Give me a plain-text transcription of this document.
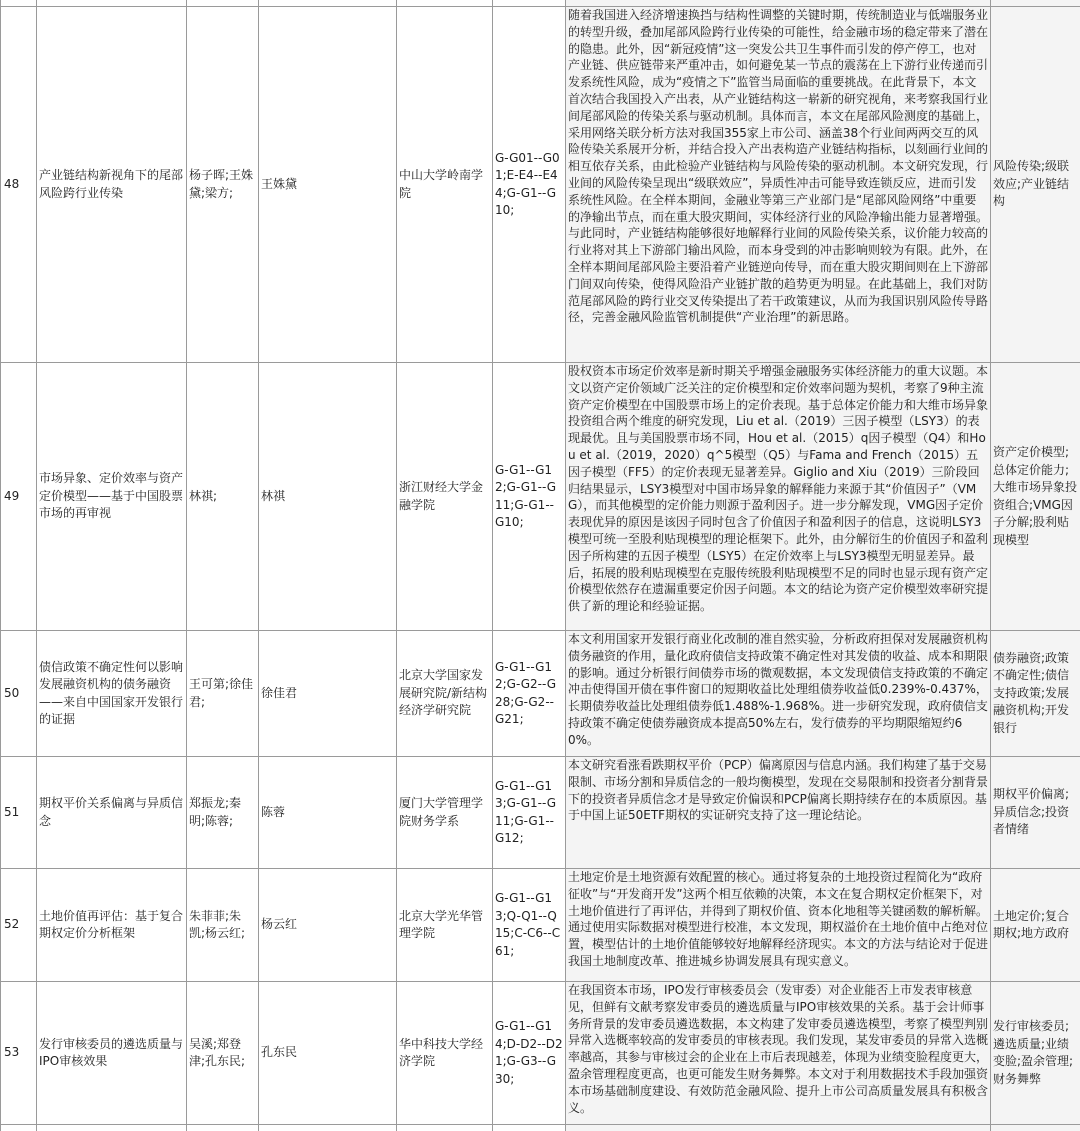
48	产业链结构新视角下的尾部风险跨行业传染	杨子晖;王姝黛;梁方;	王姝黛	中山大学岭南学院	G-G01--G01;E-E4--E44;G-G1--G10;	随着我国进入经济增速换挡与结构性调整的关键时期，传统制造业与低端服务业的转型升级，叠加尾部风险跨行业传染的可能性，给金融市场的稳定带来了潜在的隐患。此外，因“新冠疫情”这一突发公共卫生事件而引发的停产停工，也对产业链、供应链带来严重冲击，如何避免某一节点的震荡在上下游行业传递而引发系统性风险，成为“疫情之下”监管当局面临的重要挑战。在此背景下，本文首次结合我国投入产出表，从产业链结构这一崭新的研究视角，来考察我国行业间尾部风险的传染关系与驱动机制。具体而言，本文在尾部风险测度的基础上，采用网络关联分析方法对我国355家上市公司、涵盖38个行业间两两交互的风险传染关系展开分析，并结合投入产出表构造产业链结构指标，以刻画行业间的相互依存关系，由此检验产业链结构与风险传染的驱动机制。本文研究发现，行业间的风险传染呈现出“级联效应”，异质性冲击可能导致连锁反应，进而引发系统性风险。在全样本期间，金融业等第三产业部门是“尾部风险网络”中重要的净输出节点，而在重大股灾期间，实体经济行业的风险净输出能力显著增强。与此同时，产业链结构能够很好地解释行业间的风险传染关系，议价能力较高的行业将对其上下游部门输出风险，而本身受到的冲击影响则较为有限。此外，在全样本期间尾部风险主要沿着产业链逆向传导，而在重大股灾期间则在上下游部门间双向传染，使得风险沿产业链扩散的趋势更为明显。在此基础上，我们对防范尾部风险的跨行业交叉传染提出了若干政策建议，从而为我国识别风险传导路径，完善金融风险监管机制提供“产业治理”的新思路。	风险传染;级联效应;产业链结构
49	市场异象、定价效率与资产定价模型——基于中国股票市场的再审视	林祺;	林祺	浙江财经大学金融学院	G-G1--G12;G-G1--G11;G-G1--G10;	股权资本市场定价效率是新时期关乎增强金融服务实体经济能力的重大议题。本文以资产定价领域广泛关注的定价模型和定价效率问题为契机，考察了9种主流资产定价模型在中国股票市场上的定价表现。基于总体定价能力和大维市场异象投资组合两个维度的研究发现，Liu et al.（2019）三因子模型（LSY3）的表现最优。且与美国股票市场不同，Hou et al.（2015）q因子模型（Q4）和Hou et al.（2019，2020）q^5模型（Q5）与Fama and French（2015）五因子模型（FF5）的定价表现无显著差异。Giglio and Xiu（2019）三阶段回归结果显示，LSY3模型对中国市场异象的解释能力来源于其“价值因子”（VMG），而其他模型的定价能力则源于盈利因子。进一步分解发现，VMG因子定价表现优异的原因是该因子同时包含了价值因子和盈利因子的信息，这说明LSY3模型可统一至股利贴现模型的理论框架下。此外，由分解衍生的价值因子和盈利因子所构建的五因子模型（LSY5）在定价效率上与LSY3模型无明显差异。最后，拓展的股利贴现模型在克服传统股利贴现模型不足的同时也显示现有资产定价模型依然存在遗漏重要定价因子问题。本文的结论为资产定价模型效率研究提供了新的理论和经验证据。	资产定价模型;总体定价能力;大维市场异象投资组合;VMG因子分解;股利贴现模型
50	债信政策不确定性何以影响发展融资机构的债务融资 ——来自中国国家开发银行的证据	王可第;徐佳君;	徐佳君	北京大学国家发展研究院/新结构经济学研究院	G-G1--G12;G-G2--G28;G-G2--G21;	本文利用国家开发银行商业化改制的准自然实验，分析政府担保对发展融资机构债务融资的作用，量化政府债信支持政策不确定性对其发债的收益、成本和期限的影响。通过分析银行间债券市场的微观数据，本文发现债信支持政策的不确定冲击使得国开债在事件窗口的短期收益比处理组债券收益低0.239%-0.437%，长期债券收益比处理组债券低1.488%-1.968%。进一步研究发现，政府债信支持政策不确定使债券融资成本提高50%左右，发行债券的平均期限缩短约60%。	债券融资;政策不确定性;债信支持政策;发展融资机构;开发银行
51	期权平价关系偏离与异质信念	郑振龙;秦明;陈蓉;	陈蓉	厦门大学管理学院财务学系	G-G1--G13;G-G1--G11;G-G1--G12;	本文研究看涨看跌期权平价（PCP）偏离原因与信息内涵。我们构建了基于交易限制、市场分割和异质信念的一般均衡模型，发现在交易限制和投资者分割背景下的投资者异质信念才是导致定价偏误和PCP偏离长期持续存在的本质原因。基于中国上证50ETF期权的实证研究支持了这一理论结论。	期权平价偏离;异质信念;投资者情绪
52	土地价值再评估：基于复合期权定价分析框架	朱菲菲;朱凯;杨云红;	杨云红	北京大学光华管理学院	G-G1--G13;Q-Q1--Q15;C-C6--C61;	土地定价是土地资源有效配置的核心。通过将复杂的土地投资过程简化为“政府征收”与“开发商开发”这两个相互依赖的决策，本文在复合期权定价框架下，对土地价值进行了再评估，并得到了期权价值、资本化地租等关键函数的解析解。通过使用实际数据对模型进行校准，本文发现，期权溢价在土地价值中占绝对位置，模型估计的土地价值能够较好地解释经济现实。本文的方法与结论对于促进我国土地制度改革、推进城乡协调发展具有现实意义。	土地定价;复合期权;地方政府
53	发行审核委员的遴选质量与IPO审核效果	吴溪;郑登津;孔东民;	孔东民	华中科技大学经济学院	G-G1--G14;D-D2--D21;G-G3--G30;	在我国资本市场，IPO发行审核委员会（发审委）对企业能否上市发表审核意见，但鲜有文献考察发审委员的遴选质量与IPO审核效果的关系。基于会计师事务所背景的发审委员遴选数据，本文构建了发审委员遴选模型，考察了模型判别异常入选概率较高的发审委员的审核表现。我们发现，某发审委员的异常入选概率越高，其参与审核过会的企业在上市后表现越差，体现为业绩变脸程度更大，盈余管理程度更高，也更可能发生财务舞弊。本文对于利用数据技术手段加强资本市场基础制度建设、有效防范金融风险、提升上市公司高质量发展具有积极含义。	发行审核委员;遴选质量;业绩变脸;盈余管理;财务舞弊
